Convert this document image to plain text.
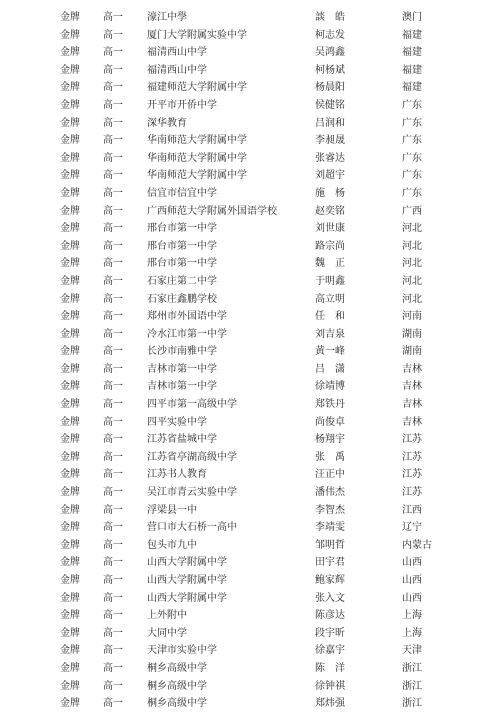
金牌 高一 濠江中學	談　皓	澳门
金牌 高一 厦门大学附属实验中学	柯志发	福建
金牌 高一 福清西山中学	吴鸿鑫	福建
金牌 高一 福清西山中学	柯杨斌	福建
金牌 高一 福建师范大学附属中学	杨晨阳	福建
金牌 高一 开平市开侨中学	侯健铭	广东
金牌 高一 深华教育	吕润和	广东
金牌 高一 华南师范大学附属中学	李昶晟	广东
金牌 高一 华南师范大学附属中学	张睿达	广东
金牌 高一 华南师范大学附属中学	刘超宇	广东
金牌 高一 信宜市信宜中学	施　杨	广东
金牌 高一 广西师范大学附属外国语学校	赵奕铭	广西
金牌 高一 邢台市第一中学	刘世康	河北
金牌 高一 邢台市第一中学	路宗尚	河北
金牌 高一 邢台市第一中学	魏　正	河北
金牌 高一 石家庄第二中学	于明鑫	河北
金牌 高一 石家庄鑫鹏学校	高立明	河北
金牌 高一 郑州市外国语中学	任　和	河南
金牌 高一 冷水江市第一中学	刘吉泉	湖南
金牌 高一 长沙市南雅中学	黄一峰	湖南
金牌 高一 吉林市第一中学	吕　潇	吉林
金牌 高一 吉林市第一中学	徐靖博	吉林
金牌 高一 四平市第一高级中学	郑铁丹	吉林
金牌 高一 四平实验中学	尚俊卓	吉林
金牌 高一 江苏省盐城中学	杨翔宇	江苏
金牌 高一 江苏省亭湖高级中学	张　禹	江苏
金牌 高一 江苏书人教育	汪正中	江苏
金牌 高一 吴江市青云实验中学	潘伟杰	江苏
金牌 高一 浮梁县一中	李智杰	江西
金牌 高一 营口市大石桥一高中	李靖雯	辽宁
金牌 高一 包头市九中	邹明哲	内蒙古
金牌 高一 山西大学附属中学	田宇君	山西
金牌 高一 山西大学附属中学	鲍家辉	山西
金牌 高一 山西大学附属中学	张入文	山西
金牌 高一 上外附中	陈彦达	上海
金牌 高一 大同中学	段宇昕	上海
金牌 高一 天津市实验中学	徐嘉宇	天津
金牌 高一 桐乡高级中学	陈　洋	浙江
金牌 高一 桐乡高级中学	徐钟祺	浙江
金牌 高一 桐乡高级中学	郑炜强	浙江
